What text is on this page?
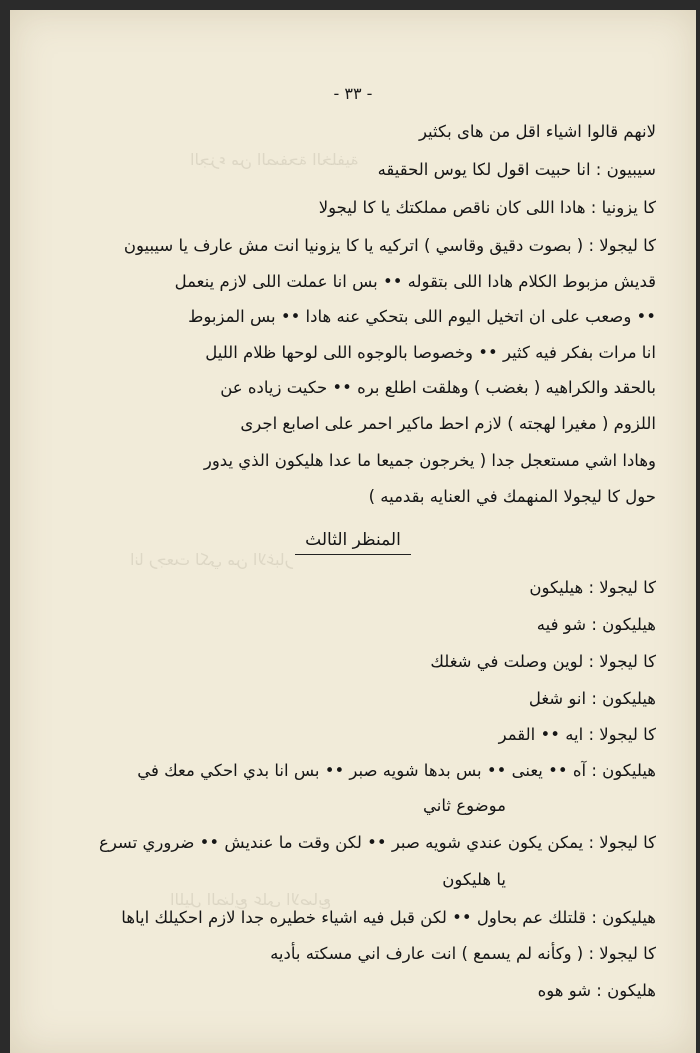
الجزء من الصفحة الخلفية
انا رجعت لكي من الاغبار
الليل الضايع على الاصابع
- ٣٣ -
لانهم قالوا اشياء اقل من هاى بكثير
سيبيون : انا حبيت اقول لكا يوس الحقيقه
كا يزونيا : هادا اللى كان ناقص مملكتك يا كا ليجولا
كا ليجولا : ( بصوت دقيق وقاسي ) اتركيه يا كا يزونيا انت مش عارف يا سيبيون
قديش مزبوط الكلام هادا اللى بتقوله •• بس انا عملت اللى لازم ينعمل
•• وصعب على ان اتخيل اليوم اللى بتحكي عنه هادا •• بس المزبوط
انا مرات بفكر فيه كثير •• وخصوصا بالوجوه اللى لوحها ظلام الليل
بالحقد والكراهيه ( بغضب ) وهلقت اطلع بره •• حكيت زياده عن
اللزوم ( مغيرا لهجته ) لازم احط ماكير احمر على اصابع اجرى
وهادا اشي مستعجل جدا ( يخرجون جميعا ما عدا هليكون الذي يدور
حول كا ليجولا المنهمك في العنايه بقدميه )
المنظر الثالث
كا ليجولا : هيليكون
هيليكون : شو فيه
كا ليجولا : لوين وصلت في شغلك
هيليكون : انو شغل
كا ليجولا : ايه •• القمر
هيليكون : آه •• يعنى •• بس بدها شويه صبر •• بس انا بدي احكي معك في
موضوع ثاني
كا ليجولا : يمكن يكون عندي شويه صبر •• لكن وقت ما عنديش •• ضروري تسرع
يا هليكون
هيليكون : قلتلك عم بحاول •• لكن قبل فيه اشياء خطيره جدا لازم احكيلك اياها
كا ليجولا : ( وكأنه لم يسمع ) انت عارف اني مسكته بأديه
هليكون : شو هوه
